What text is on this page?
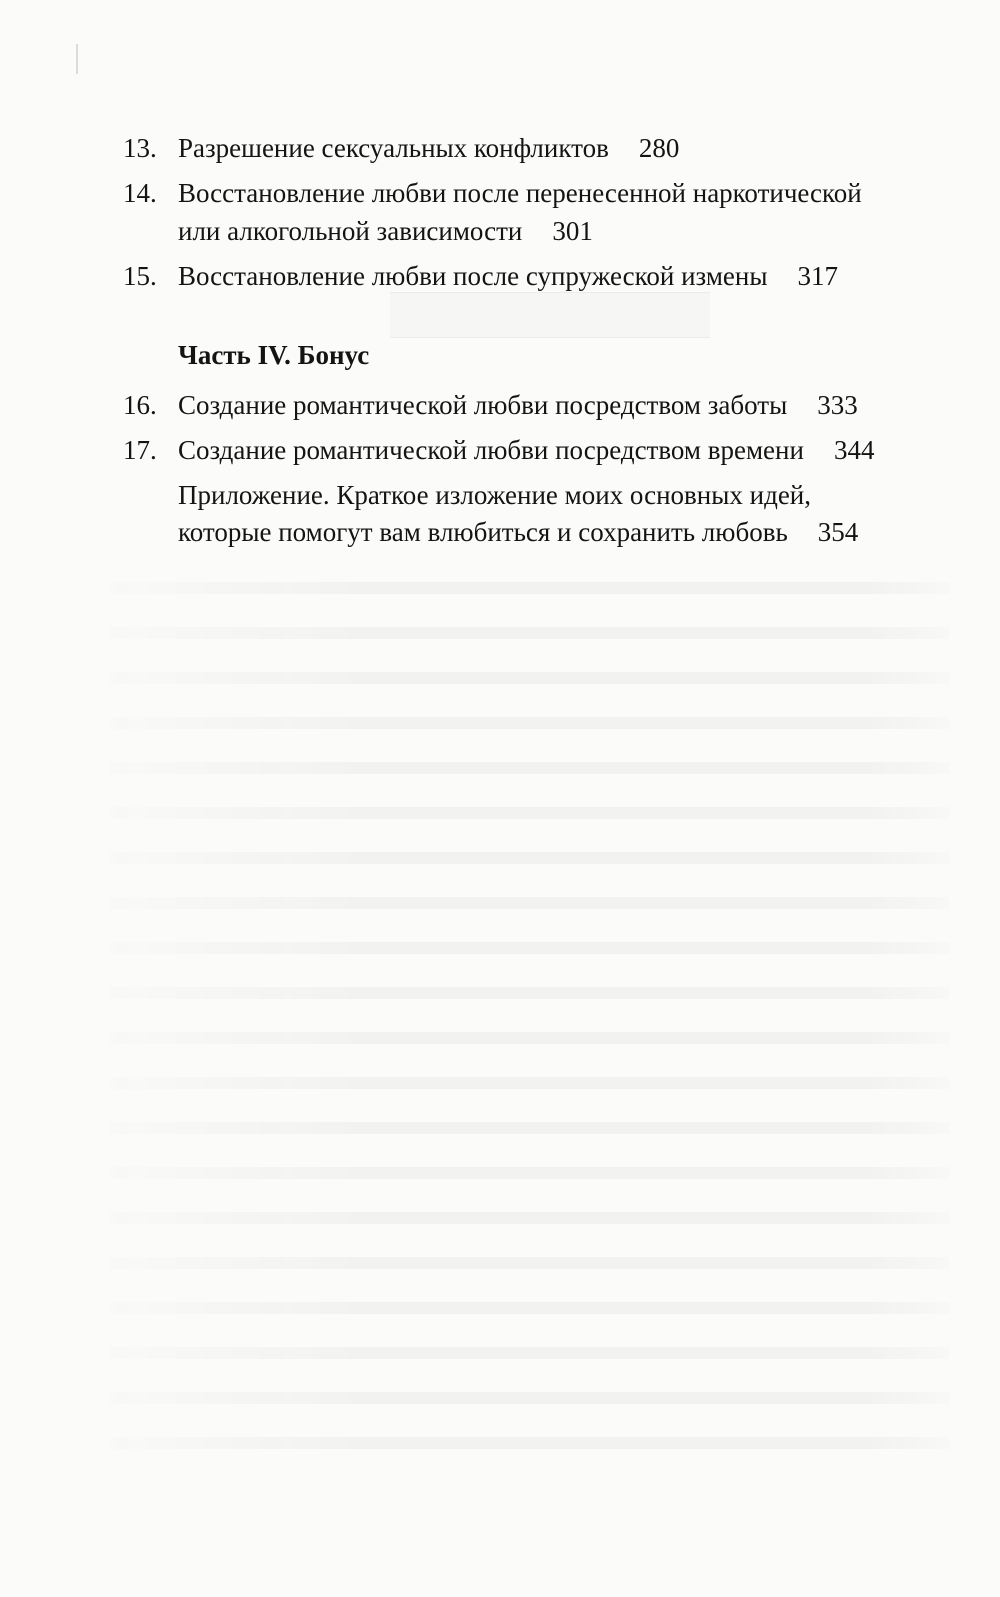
13. Разрешение сексуальных конфликтов 280
14. Восстановление любви после перенесенной наркотической
или алкогольной зависимости 301
15. Восстановление любви после супружеской измены 317
Часть IV. Бонус
16. Создание романтической любви посредством заботы 333
17. Создание романтической любви посредством времени 344
Приложение. Краткое изложение моих основных идей,
которые помогут вам влюбиться и сохранить любовь 354
